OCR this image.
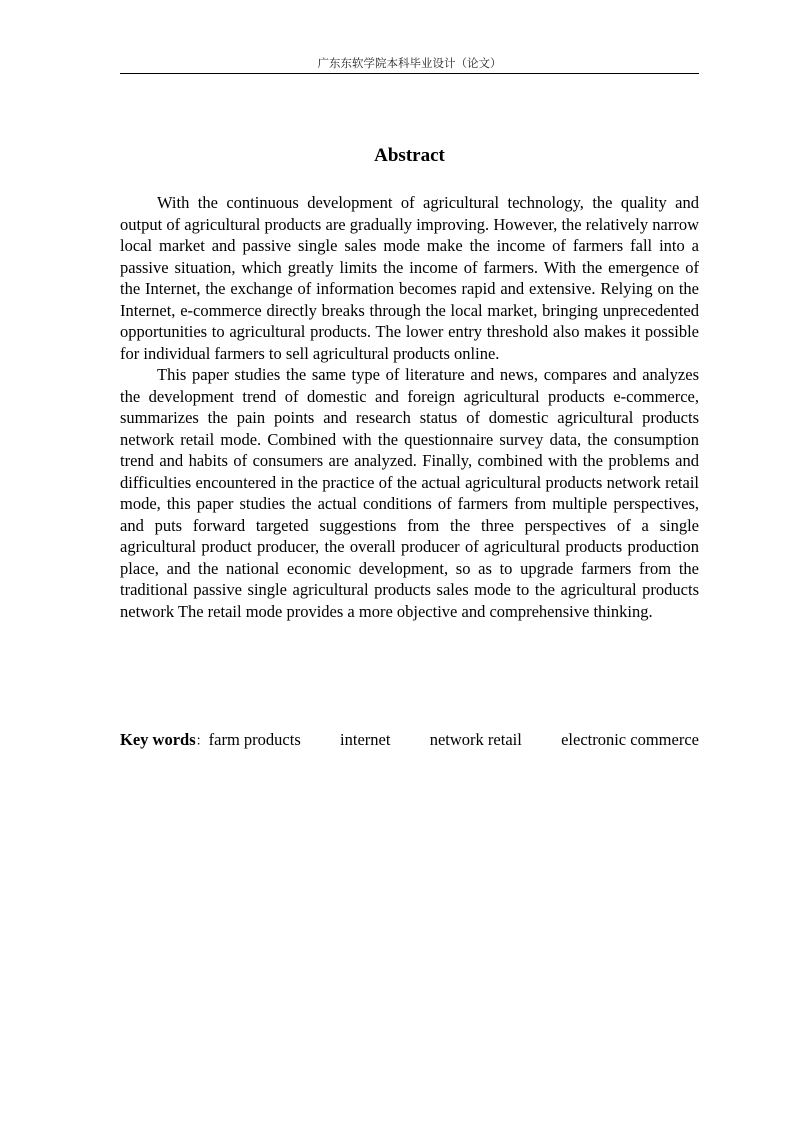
广东东软学院本科毕业设计（论文）
Abstract

With the continuous development of agricultural technology, the quality and output of agricultural products are gradually improving. However, the relatively narrow local market and passive single sales mode make the income of farmers fall into a passive situation, which greatly limits the income of farmers. With the emergence of the Internet, the exchange of information becomes rapid and extensive. Relying on the Internet, e-commerce directly breaks through the local market, bringing unprecedented opportunities to agricultural products. The lower entry threshold also makes it possible for individual farmers to sell agricultural products online.

This paper studies the same type of literature and news, compares and analyzes the development trend of domestic and foreign agricultural products e-commerce, summarizes the pain points and research status of domestic agricultural products network retail mode. Combined with the questionnaire survey data, the consumption trend and habits of consumers are analyzed. Finally, combined with the problems and difficulties encountered in the practice of the actual agricultural products network retail mode, this paper studies the actual conditions of farmers from multiple perspectives, and puts forward targeted suggestions from the three perspectives of a single agricultural product producer, the overall producer of agricultural products production place, and the national economic development, so as to upgrade farmers from the traditional passive single agricultural products sales mode to the agricultural products network The retail mode provides a more objective and comprehensive thinking.

Key words ： farm products internet network retail electronic commerce
